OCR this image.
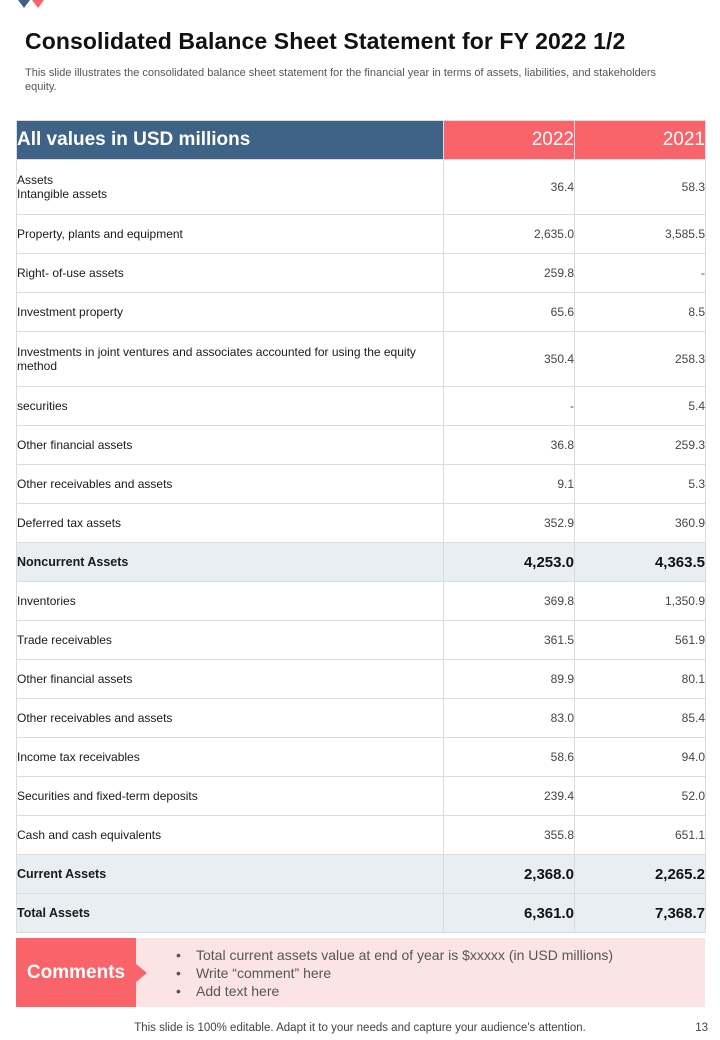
Consolidated Balance Sheet Statement for FY 2022 1/2

This slide illustrates the consolidated balance sheet statement for the financial year in terms of assets, liabilities, and stakeholders equity.

All values in USD millions	2022	2021
Assets
Intangible assets	36.4	58.3
Property, plants and equipment	2,635.0	3,585.5
Right- of-use assets	259.8	-
Investment property	65.6	8.5
Investments in joint ventures and associates accounted for using the equity method	350.4	258.3
securities	-	5.4
Other financial assets	36.8	259.3
Other receivables and assets	9.1	5.3
Deferred tax assets	352.9	360.9
Noncurrent Assets	4,253.0	4,363.5
Inventories	369.8	1,350.9
Trade receivables	361.5	561.9
Other financial assets	89.9	80.1
Other receivables and assets	83.0	85.4
Income tax receivables	58.6	94.0
Securities and fixed-term deposits	239.4	52.0
Cash and cash equivalents	355.8	651.1
Current Assets	2,368.0	2,265.2
Total Assets	6,361.0	7,368.7
Comments
• Total current assets value at end of year is $xxxxx (in USD millions)
• Write “comment” here
• Add text here
This slide is 100% editable. Adapt it to your needs and capture your audience's attention.	13
